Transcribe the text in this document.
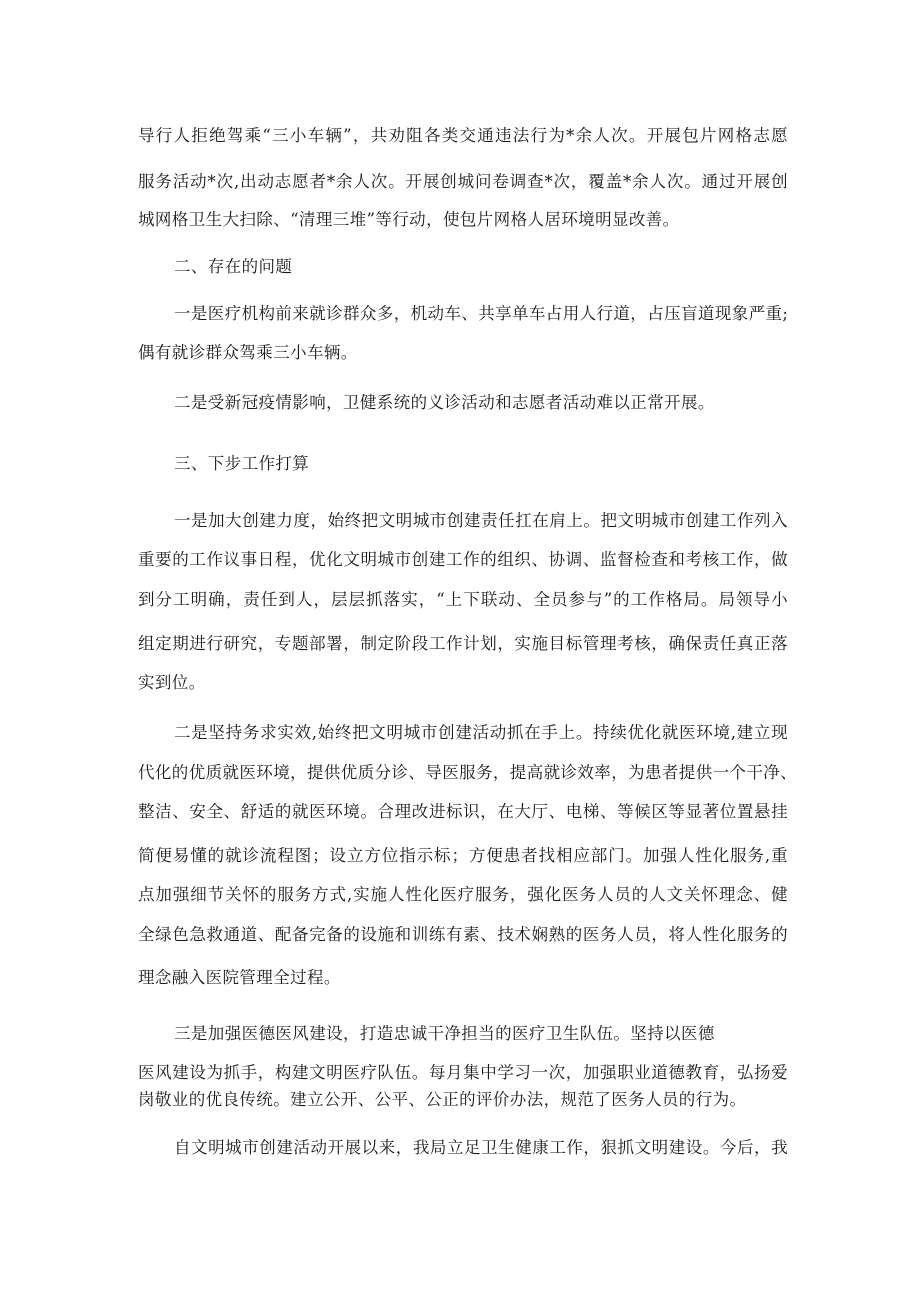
导行人拒绝驾乘“三小车辆”，共劝阻各类交通违法行为*余人次。开展包片网格志愿
服务活动*次,出动志愿者*余人次。开展创城问卷调查*次，覆盖*余人次。通过开展创
城网格卫生大扫除、“清理三堆”等行动，使包片网格人居环境明显改善。
二、存在的问题
一是医疗机构前来就诊群众多，机动车、共享单车占用人行道，占压盲道现象严重;
偶有就诊群众驾乘三小车辆。
二是受新冠疫情影响，卫健系统的义诊活动和志愿者活动难以正常开展。
三、下步工作打算
一是加大创建力度，始终把文明城市创建责任扛在肩上。把文明城市创建工作列入
重要的工作议事日程，优化文明城市创建工作的组织、协调、监督检查和考核工作，做
到分工明确，责任到人，层层抓落实，“上下联动、全员参与”的工作格局。局领导小
组定期进行研究，专题部署，制定阶段工作计划，实施目标管理考核，确保责任真正落
实到位。
二是坚持务求实效,始终把文明城市创建活动抓在手上。持续优化就医环境,建立现
代化的优质就医环境，提供优质分诊、导医服务，提高就诊效率，为患者提供一个干净、
整洁、安全、舒适的就医环境。合理改进标识，在大厅、电梯、等候区等显著位置悬挂
简便易懂的就诊流程图；设立方位指示标；方便患者找相应部门。加强人性化服务,重
点加强细节关怀的服务方式,实施人性化医疗服务，强化医务人员的人文关怀理念、健
全绿色急救通道、配备完备的设施和训练有素、技术娴熟的医务人员，将人性化服务的
理念融入医院管理全过程。
三是加强医德医风建设，打造忠诚干净担当的医疗卫生队伍。坚持以医德
医风建设为抓手，构建文明医疗队伍。每月集中学习一次，加强职业道德教育，弘扬爱
岗敬业的优良传统。建立公开、公平、公正的评价办法，规范了医务人员的行为。
自文明城市创建活动开展以来，我局立足卫生健康工作，狠抓文明建设。今后，我
